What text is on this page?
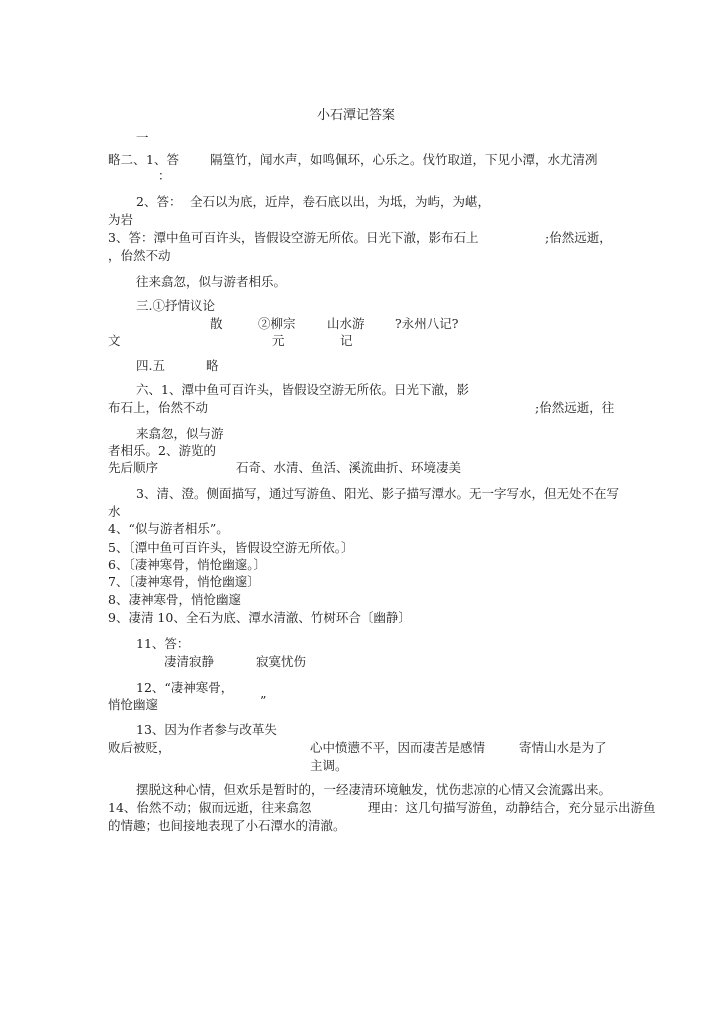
小石潭记答案
一
略二、 1、答 隔篁竹，闻水声，如鸣佩环，心乐之。伐竹取道，下见小潭，水尤清冽
：
2、答： 全石以为底，近岸，卷石底以出，为坻，为屿，为嵁，
为岩
3、答：潭中鱼可百许头，皆假设空游无所依。日光下澈，影布石上	;佁然远逝，
，佁然不动
往来翕忽，似与游者相乐。
三.①抒情议论
散	②柳宗	山水游 ?永州八记?
文	元	记
四.五	略
六、1、潭中鱼可百许头，皆假设空游无所依。日光下澈，影
布石上，佁然不动	;佁然远逝，往
来翕忽，似与游
者相乐。2、游览的
先后顺序	石奇、水清、鱼活、溪流曲折、环境凄美
3、清、澄。侧面描写，通过写游鱼、阳光、影子描写潭水。无一字写水，但无处不在写
水
4、“似与游者相乐”。
5、〔潭中鱼可百许头，皆假设空游无所依。〕
6、〔凄神寒骨，悄怆幽邃。〕
7、〔凄神寒骨，悄怆幽邃〕
8、凄神寒骨，悄怆幽邃
9、凄清 10、全石为底、潭水清澈、竹树环合〔幽静〕
11、答：
凄清寂静	寂寞忧伤
12、“凄神寒骨，
悄怆幽邃	”
13、因为作者参与改革失
败后被贬，	心中愤懑不平，因而凄苦是感情	寄情山水是为了
主调。
摆脱这种心情，但欢乐是暂时的，一经凄清环境触发，忧伤悲凉的心情又会流露出来。
14、佁然不动；俶而远逝，往来翕忽	理由：这几句描写游鱼，动静结合，充分显示出游鱼
的情趣；也间接地表现了小石潭水的清澈。
